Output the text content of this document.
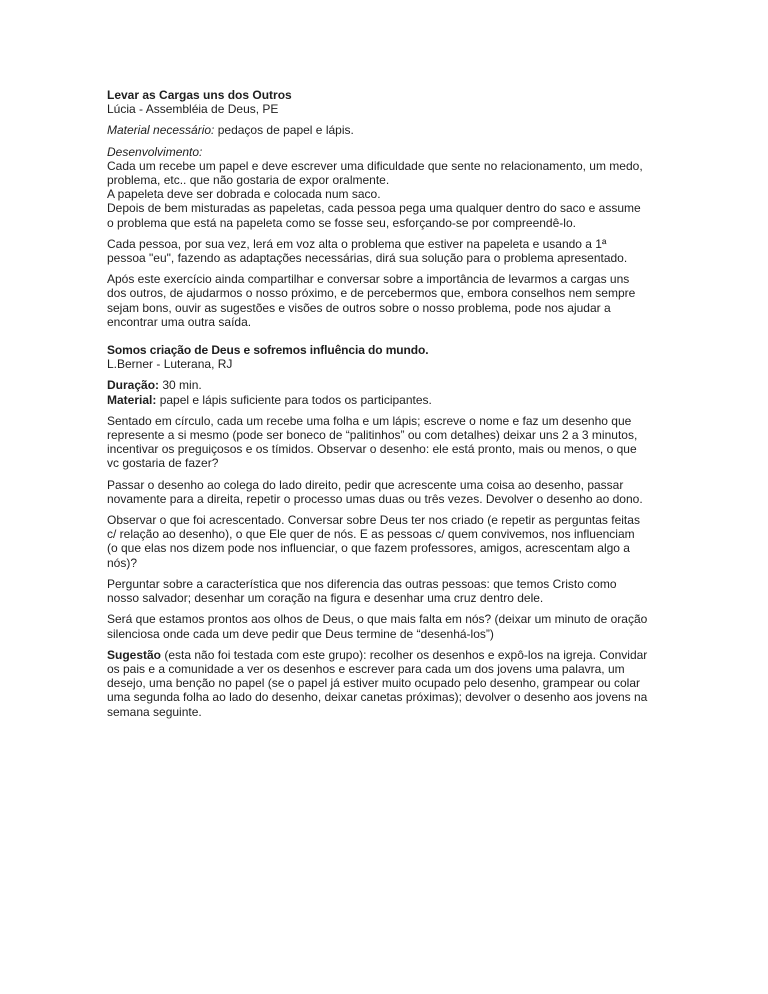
Levar as Cargas uns dos Outros

Lúcia - Assembléia de Deus, PE

Material necessário: pedaços de papel e lápis.

Desenvolvimento:

Cada um recebe um papel e deve escrever uma dificuldade que sente no relacionamento, um medo,

problema, etc.. que não gostaria de expor oralmente.

A papeleta deve ser dobrada e colocada num saco.

Depois de bem misturadas as papeletas, cada pessoa pega uma qualquer dentro do saco e assume

o problema que está na papeleta como se fosse seu, esforçando-se por compreendê-lo.

Cada pessoa, por sua vez, lerá em voz alta o problema que estiver na papeleta e usando a 1ª

pessoa "eu", fazendo as adaptações necessárias, dirá sua solução para o problema apresentado.

Após este exercício ainda compartilhar e conversar sobre a importância de levarmos a cargas uns

dos outros, de ajudarmos o nosso próximo, e de percebermos que, embora conselhos nem sempre

sejam bons, ouvir as sugestões e visões de outros sobre o nosso problema, pode nos ajudar a

encontrar uma outra saída.

Somos criação de Deus e sofremos influência do mundo.

L.Berner - Luterana, RJ

Duração: 30 min.

Material: papel e lápis suficiente para todos os participantes.

Sentado em círculo, cada um recebe uma folha e um lápis; escreve o nome e faz um desenho que

represente a si mesmo (pode ser boneco de “palitinhos” ou com detalhes) deixar uns 2 a 3 minutos,

incentivar os preguiçosos e os tímidos. Observar o desenho: ele está pronto, mais ou menos, o que

vc gostaria de fazer?

Passar o desenho ao colega do lado direito, pedir que acrescente uma coisa ao desenho, passar

novamente para a direita, repetir o processo umas duas ou três vezes. Devolver o desenho ao dono.

Observar o que foi acrescentado. Conversar sobre Deus ter nos criado (e repetir as perguntas feitas

c/ relação ao desenho), o que Ele quer de nós. E as pessoas c/ quem convivemos, nos influenciam

(o que elas nos dizem pode nos influenciar, o que fazem professores, amigos, acrescentam algo a

nós)?

Perguntar sobre a característica que nos diferencia das outras pessoas: que temos Cristo como

nosso salvador; desenhar um coração na figura e desenhar uma cruz dentro dele.

Será que estamos prontos aos olhos de Deus, o que mais falta em nós? (deixar um minuto de oração

silenciosa onde cada um deve pedir que Deus termine de “desenhá-los”)

Sugestão (esta não foi testada com este grupo): recolher os desenhos e expô-los na igreja. Convidar

os pais e a comunidade a ver os desenhos e escrever para cada um dos jovens uma palavra, um

desejo, uma benção no papel (se o papel já estiver muito ocupado pelo desenho, grampear ou colar

uma segunda folha ao lado do desenho, deixar canetas próximas); devolver o desenho aos jovens na

semana seguinte.
